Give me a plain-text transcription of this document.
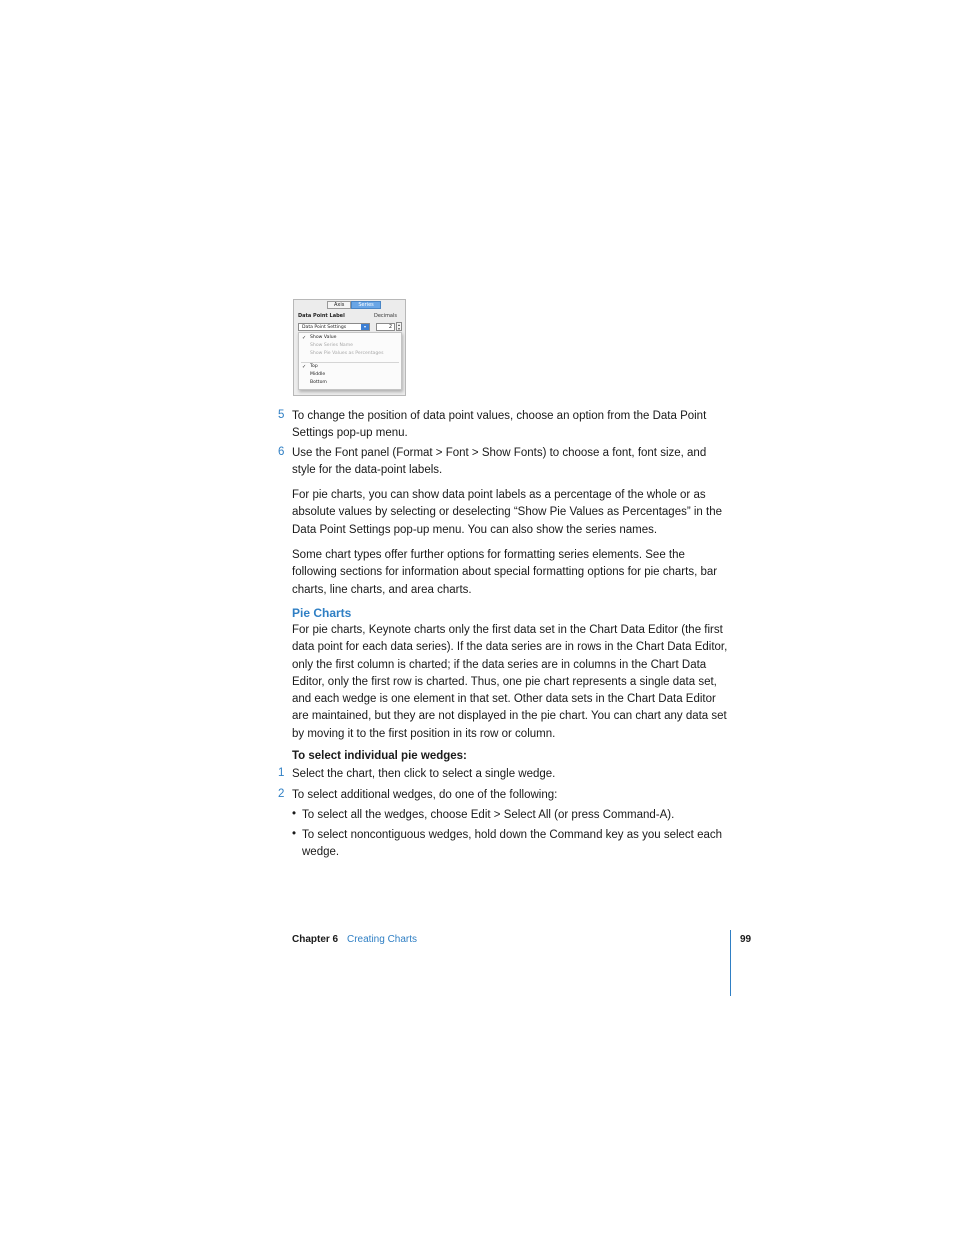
Axis	Series
Data Point Label	Decimals
Data Point Settings	▾	2	▴
▾
✓ Show Value
Show Series Name
Show Pie Values as Percentages
✓ Top
Middle
Bottom
5 To change the position of data point values, choose an option from the Data Point Settings pop-up menu.
6 Use the Font panel (Format > Font > Show Fonts) to choose a font, font size, and style for the data-point labels.
For pie charts, you can show data point labels as a percentage of the whole or as absolute values by selecting or deselecting “Show Pie Values as Percentages” in the Data Point Settings pop-up menu. You can also show the series names.
Some chart types offer further options for formatting series elements. See the following sections for information about special formatting options for pie charts, bar charts, line charts, and area charts.
Pie Charts
For pie charts, Keynote charts only the first data set in the Chart Data Editor (the first data point for each data series). If the data series are in rows in the Chart Data Editor, only the first column is charted; if the data series are in columns in the Chart Data Editor, only the first row is charted. Thus, one pie chart represents a single data set, and each wedge is one element in that set. Other data sets in the Chart Data Editor are maintained, but they are not displayed in the pie chart. You can chart any data set by moving it to the first position in its row or column.
To select individual pie wedges:
1 Select the chart, then click to select a single wedge.
2 To select additional wedges, do one of the following:
• To select all the wedges, choose Edit > Select All (or press Command-A).
• To select noncontiguous wedges, hold down the Command key as you select each wedge.
Chapter 6 Creating Charts	99
